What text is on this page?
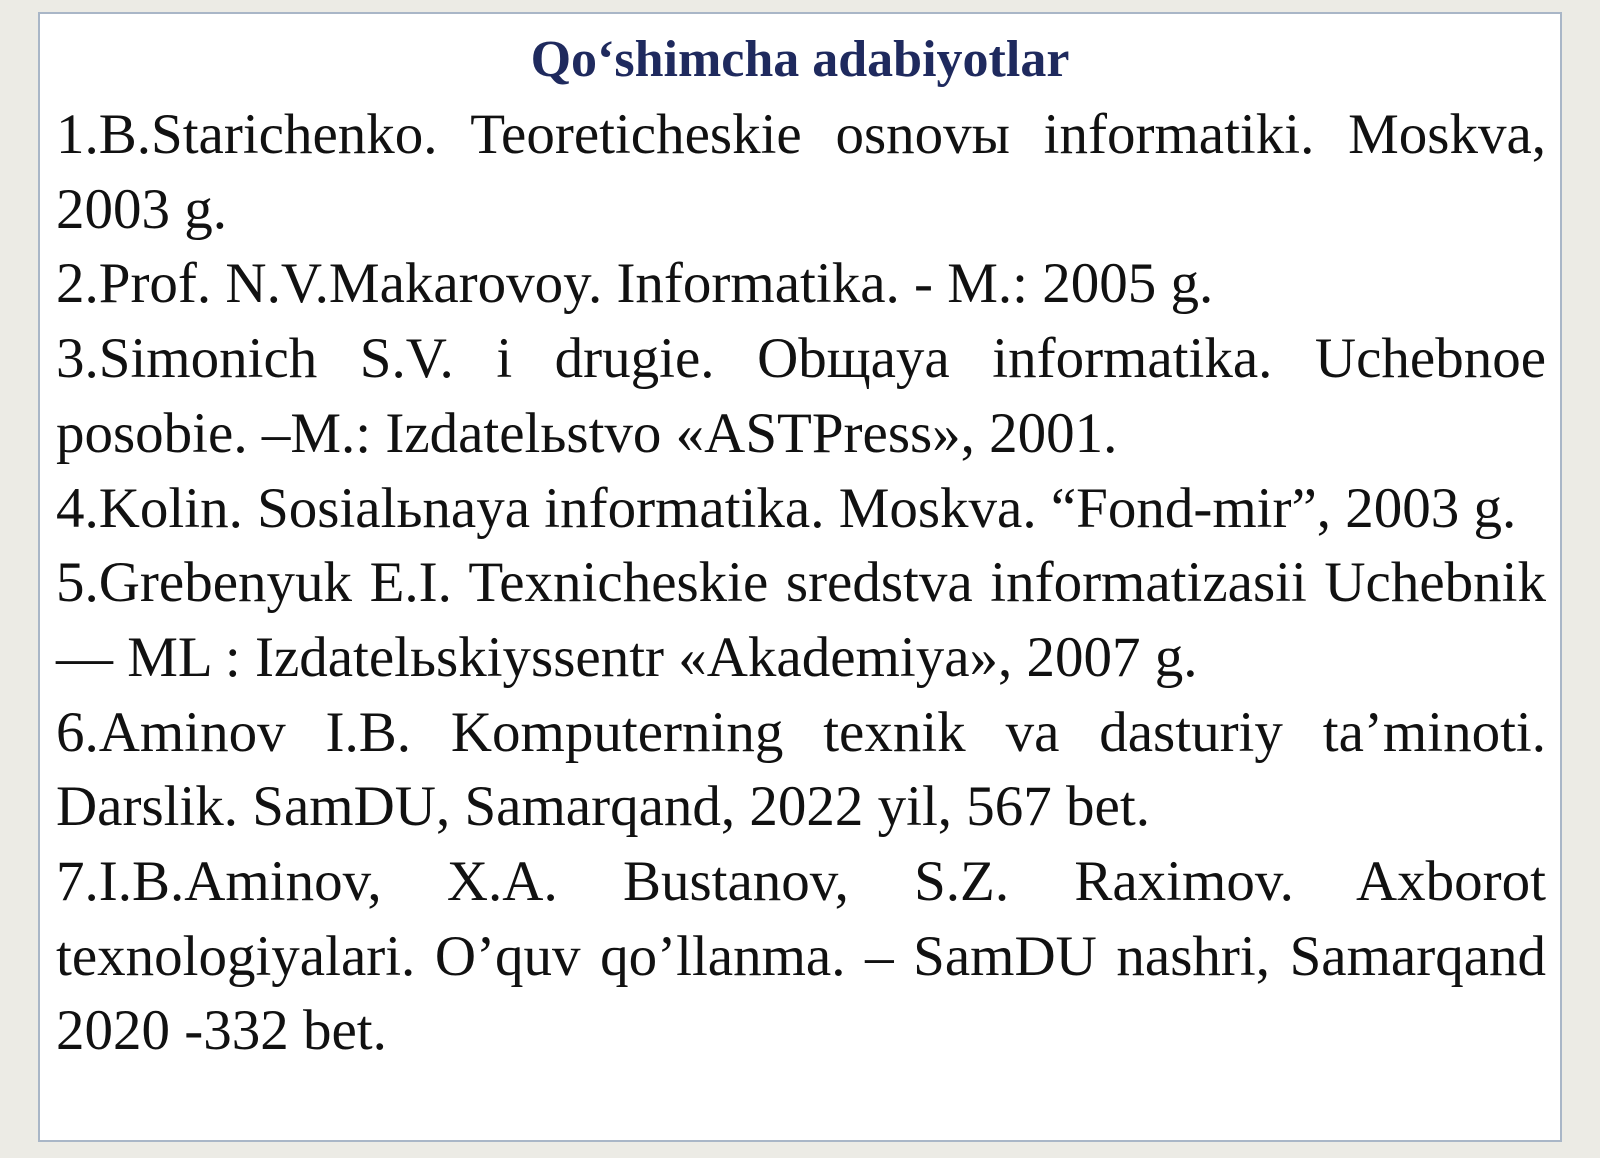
Qo‘shimcha adabiyotlar
1.B.Starichenko. Teoreticheskie osnovы informatiki. Moskva, 2003 g.
2.Prof. N.V.Makarovoy. Informatika. - M.: 2005 g.
3.Simonich S.V. i drugie. Obщaya informatika. Uchebnoe posobie. –M.: Izdatelьstvo «ASTPress», 2001.
4.Kolin. Sosialьnaya informatika. Moskva. “Fond-mir”, 2003 g.
5.Grebenyuk E.I. Texnicheskie sredstva informatizasii Uchebnik— ML : Izdatelьskiyssentr «Akademiya», 2007 g.
6.Aminov I.B. Komputerning texnik va dasturiy ta’minoti. Darslik. SamDU, Samarqand, 2022 yil, 567 bet.
7.I.B.Aminov, X.A. Bustanov, S.Z. Raximov. Axborot texnologiyalari. O’quv qo’llanma. – SamDU nashri, Samarqand 2020 -332 bet.
